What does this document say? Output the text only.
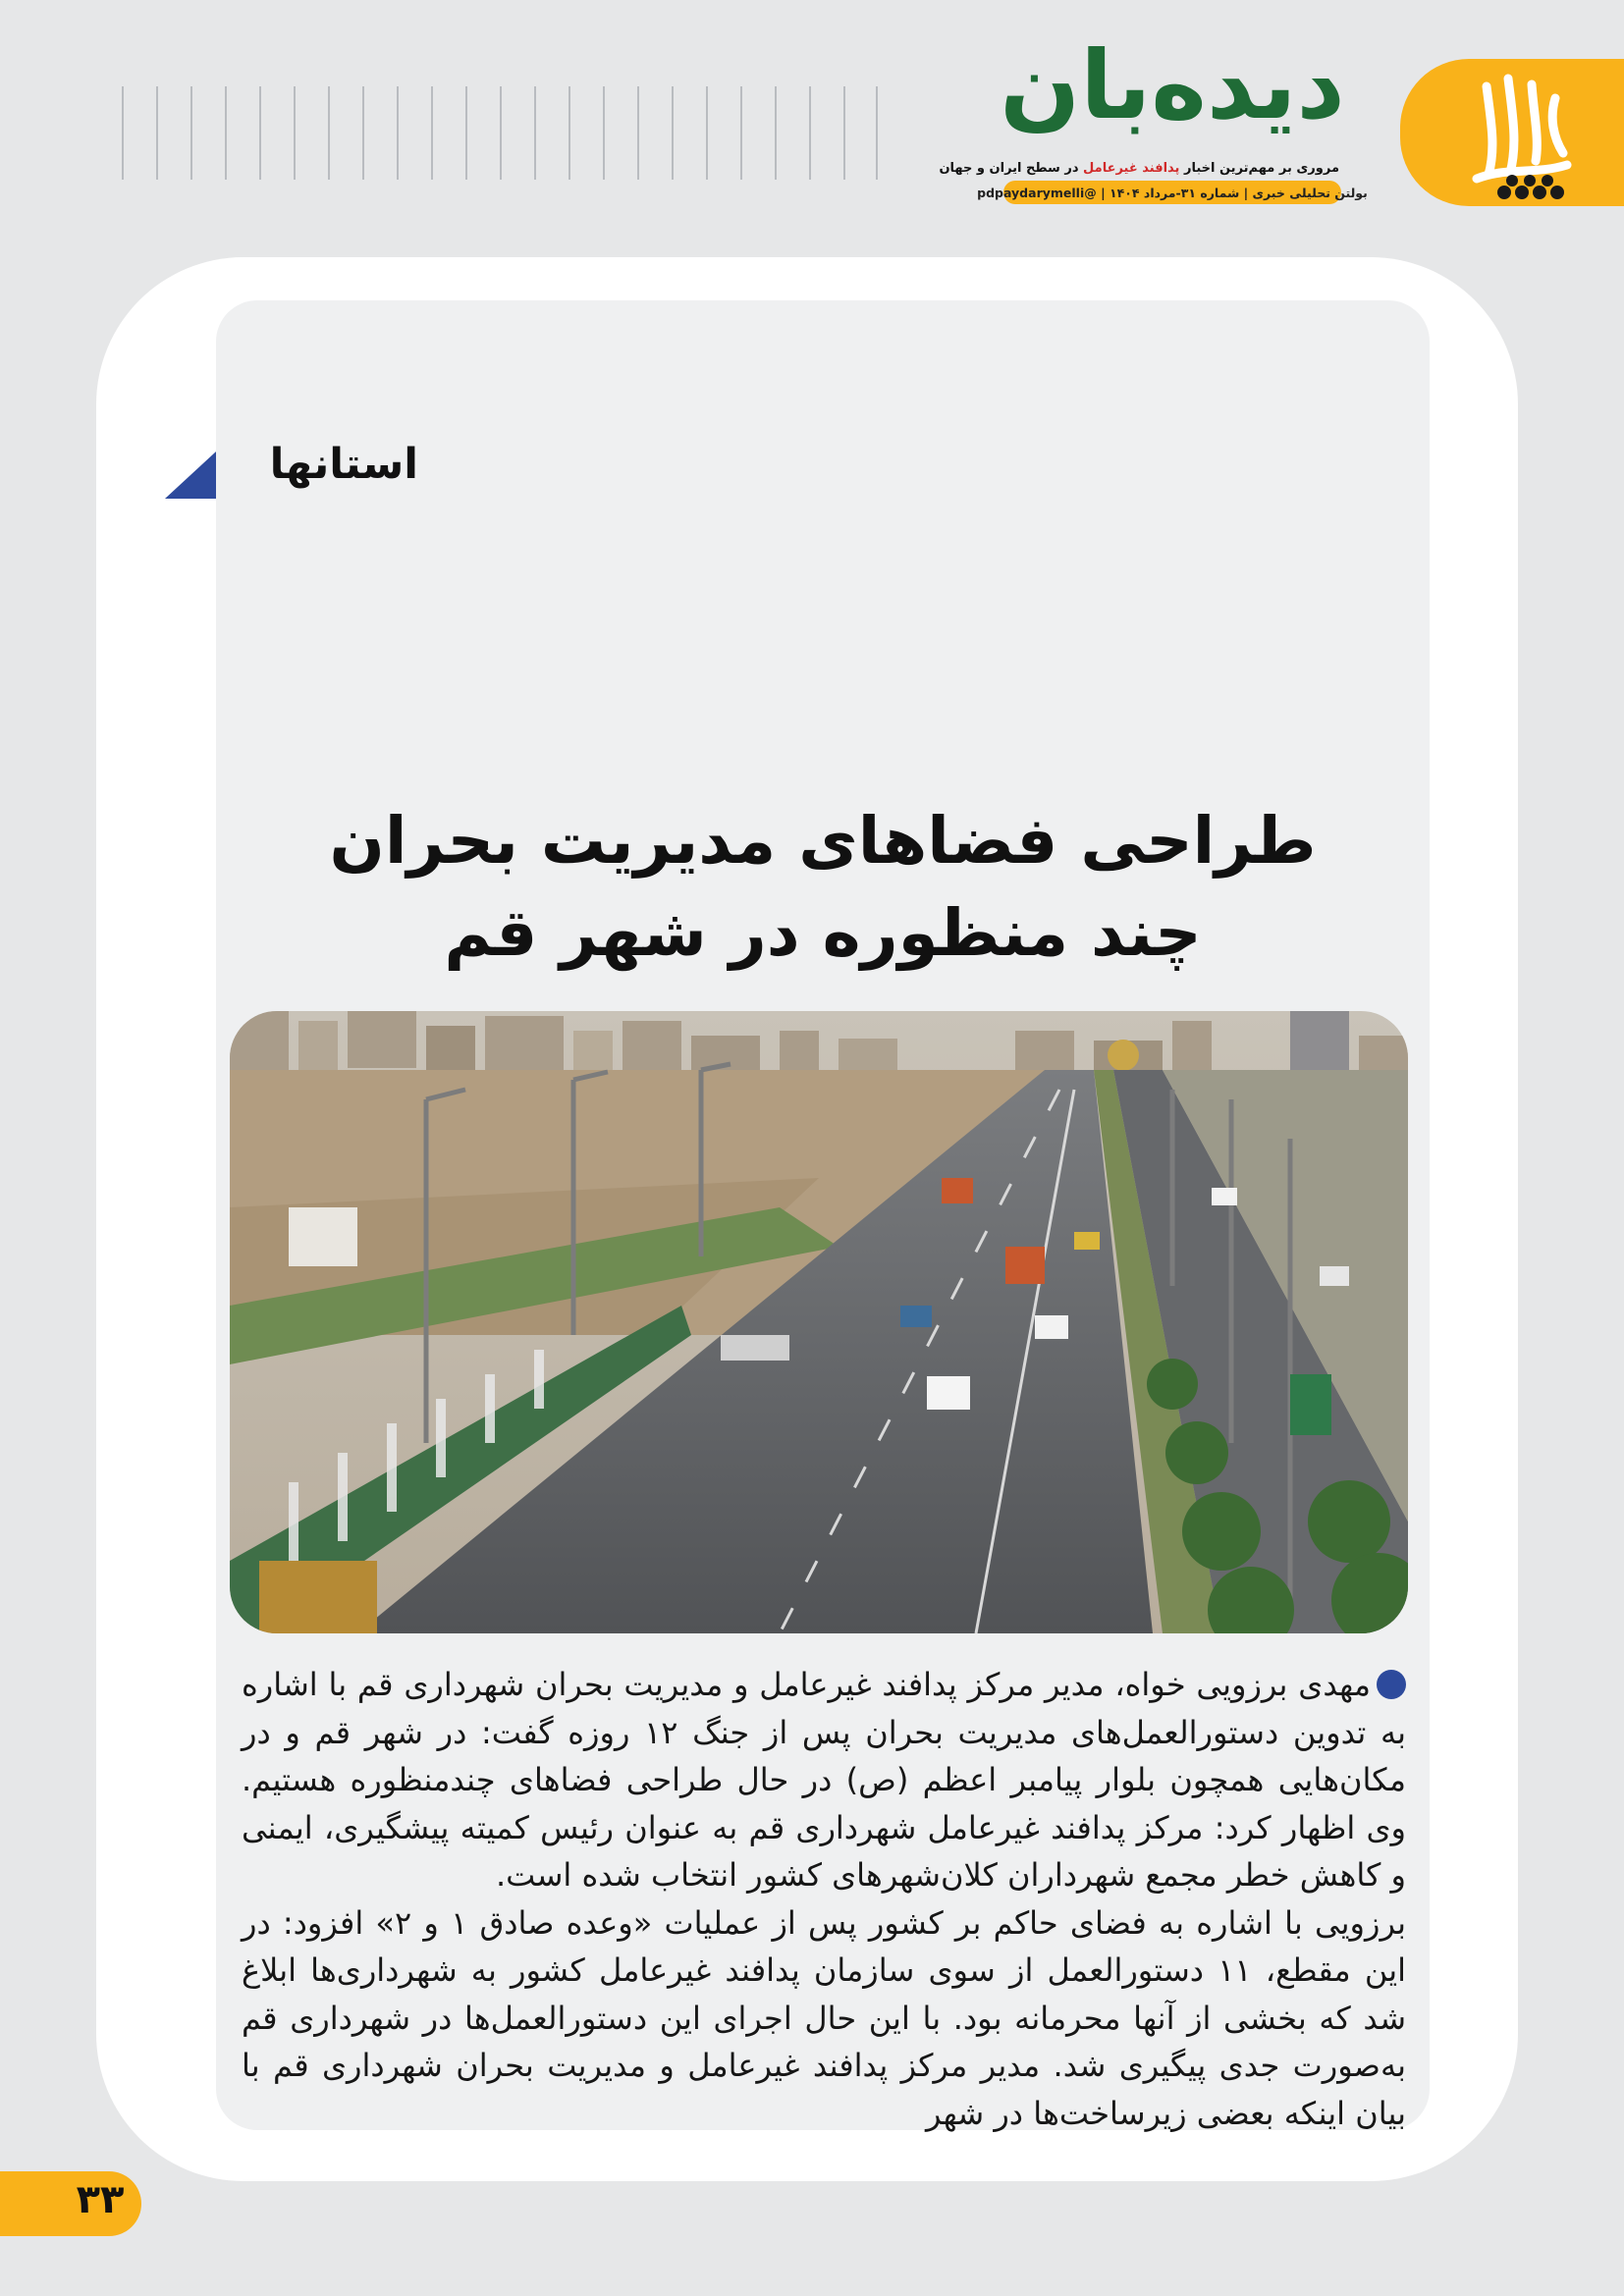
دیده‌بان
مروری بر مهم‌ترین اخبار پدافند غیرعامل در سطح ایران و جهان
بولتن تحلیلی خبری | شماره ۳۱-مرداد ۱۴۰۴ | @pdpaydarymelli
استانها
طراحی فضاهای مدیریت بحران
چند منظوره در شهر قم

مهدی برزویی خواه، مدیر مرکز پدافند غیرعامل و مدیریت بحران شهرداری قم با اشاره به تدوین دستورالعمل‌های مدیریت بحران پس از جنگ ۱۲ روزه گفت: در شهر قم و در مکان‌هایی همچون بلوار پیامبر اعظم (ص) در حال طراحی فضاهای چندمنظوره هستیم. وی اظهار کرد: مرکز پدافند غیرعامل شهرداری قم به عنوان رئیس کمیته پیشگیری، ایمنی و کاهش خطر مجمع شهرداران کلان‌شهرهای کشور انتخاب شده است.

برزویی با اشاره به فضای حاکم بر کشور پس از عملیات «وعده صادق ۱ و ۲» افزود: در این مقطع، ۱۱ دستورالعمل از سوی سازمان پدافند غیرعامل کشور به شهرداری‌ها ابلاغ شد که بخشی از آنها محرمانه بود. با این حال اجرای این دستورالعمل‌ها در شهرداری قم به‌صورت جدی پیگیری شد. مدیر مرکز پدافند غیرعامل و مدیریت بحران شهرداری قم با بیان اینکه بعضی زیرساخت‌ها در شهر

۳۳
